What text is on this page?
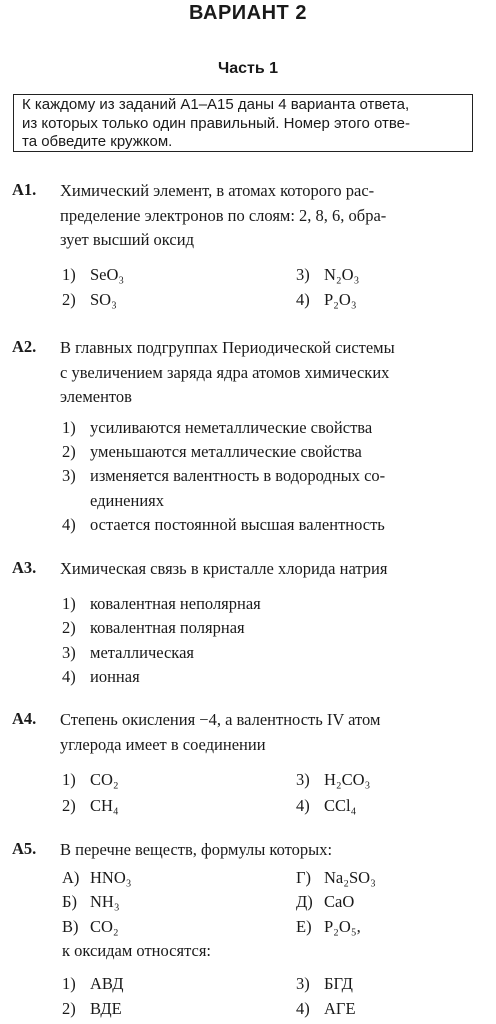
ВАРИАНТ 2
Часть 1
К каждому из заданий А1–А15 даны 4 варианта ответа,
из которых только один правильный. Номер этого отве-
та обведите кружком.
А1. Химический элемент, в атомах которого рас-
пределение электронов по слоям: 2, 8, 6, обра-
зует высший оксид
1) SeO₃	3) N₂O₃
2) SO₃	4) P₂O₃
А2. В главных подгруппах Периодической системы
с увеличением заряда ядра атомов химических
элементов
1) усиливаются неметаллические свойства
2) уменьшаются металлические свойства
3) изменяется валентность в водородных со-
единениях
4) остается постоянной высшая валентность
А3. Химическая связь в кристалле хлорида натрия
1) ковалентная неполярная
2) ковалентная полярная
3) металлическая
4) ионная
А4. Степень окисления −4, а валентность IV атом
углерода имеет в соединении
1) CO₂	3) H₂CO₃
2) CH₄	4) CCl₄
А5. В перечне веществ, формулы которых:
А) HNO₃	Г) Na₂SO₃
Б) NH₃	Д) CaO
В) CO₂	Е) P₂O₅,
к оксидам относятся:
1) АВД	3) БГД
2) ВДЕ	4) АГЕ
